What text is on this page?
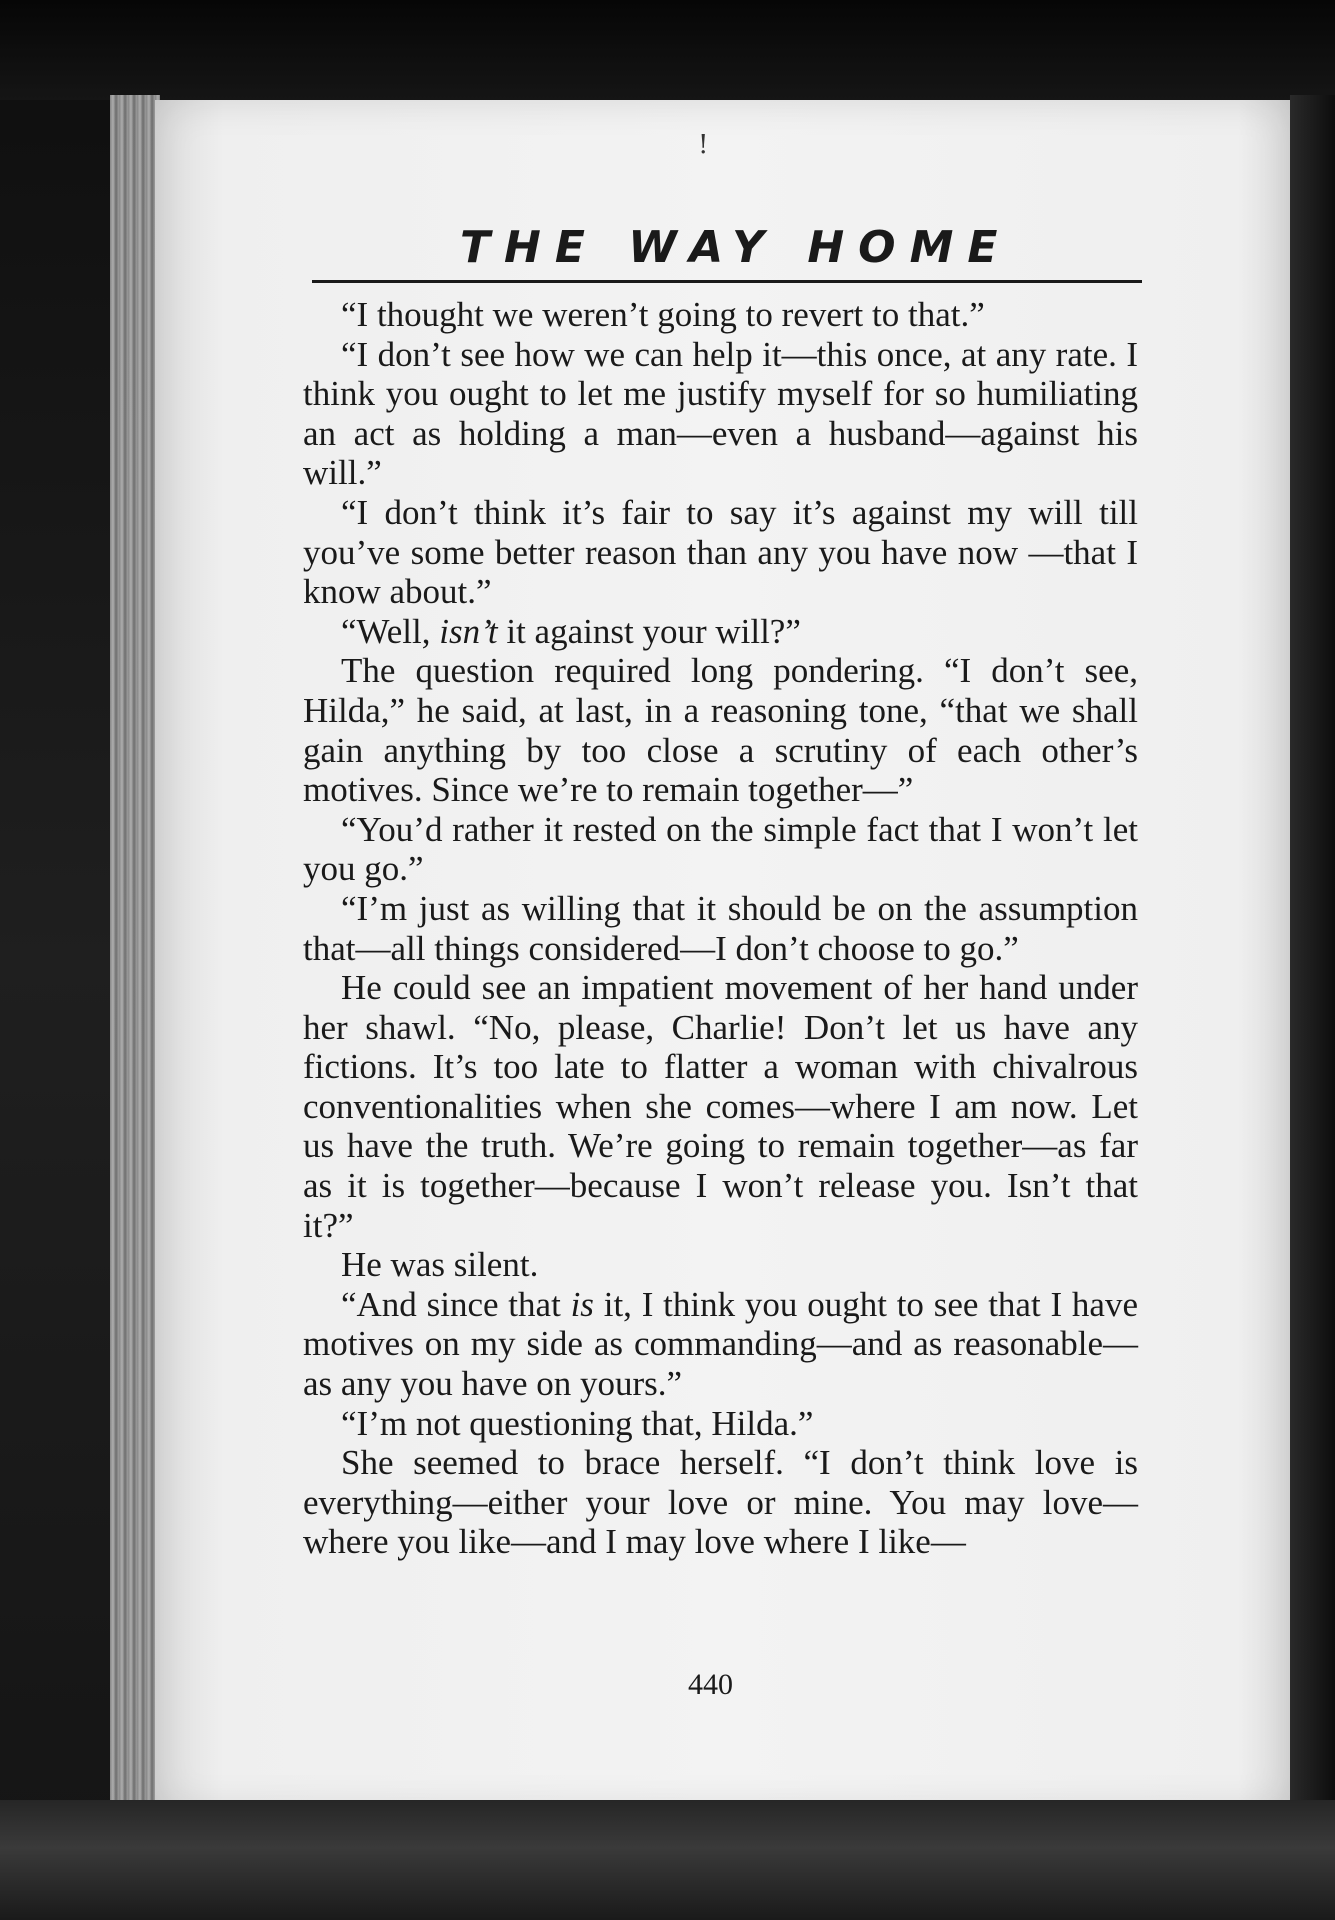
!
THE WAY HOME

“I thought we weren’t going to revert to that.”

“I don’t see how we can help it—this once, at any rate. I think you ought to let me justify myself for so humiliating an act as holding a man—even a husband—against his will.”

“I don’t think it’s fair to say it’s against my will till you’ve some better reason than any you have now —that I know about.”

“Well, isn’t it against your will?”

The question required long pondering. “I don’t see, Hilda,” he said, at last, in a reasoning tone, “that we shall gain anything by too close a scrutiny of each other’s motives. Since we’re to remain together—”

“You’d rather it rested on the simple fact that I won’t let you go.”

“I’m just as willing that it should be on the assumption that—all things considered—I don’t choose to go.”

He could see an impatient movement of her hand under her shawl. “No, please, Charlie! Don’t let us have any fictions. It’s too late to flatter a woman with chivalrous conventionalities when she comes—where I am now. Let us have the truth. We’re going to remain together—as far as it is together—because I won’t release you. Isn’t that it?”

He was silent.

“And since that is it, I think you ought to see that I have motives on my side as commanding—and as reasonable—as any you have on yours.”

“I’m not questioning that, Hilda.”

She seemed to brace herself. “I don’t think love is everything—either your love or mine. You may love—where you like—and I may love where I like—

440
